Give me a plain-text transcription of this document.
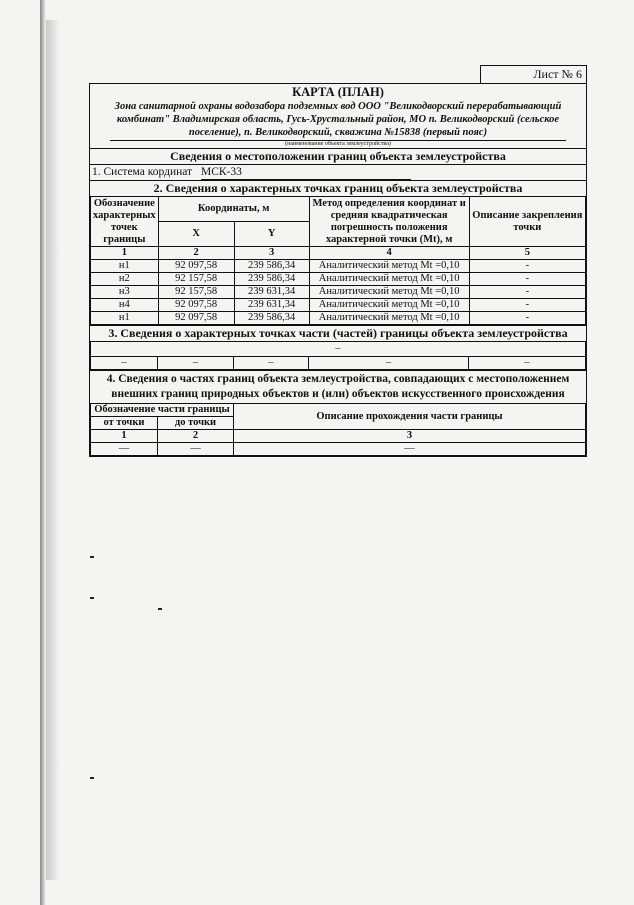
Лист № 6
КАРТА (ПЛАН)
Зона санитарной охраны водозабора подземных вод ООО "Великодворский перерабатывающий комбинат" Владимирская область, Гусь-Хрустальный район, МО п. Великодворский (сельское поселение), п. Великодворский, скважина №15838 (первый пояс)
(наименование объекта землеустройства)
Сведения о местоположении границ объекта землеустройства
1. Система кординат МСК-33
2. Сведения о характерных точках границ объекта землеустройства
Обозначение характерных точек границы	Координаты, м		Метод определения координат и средняя квадратическая погрешность положения характерной точки (Mt), м	Описание закрепления точки
	X	Y		
1	2	3	4	5
н1	92 097,58	239 586,34	Аналитический метод Mt =0,10	-
н2	92 157,58	239 586,34	Аналитический метод Mt =0,10	-
н3	92 157,58	239 631,34	Аналитический метод Mt =0,10	-
н4	92 097,58	239 631,34	Аналитический метод Mt =0,10	-
н1	92 097,58	239 586,34	Аналитический метод Mt =0,10	-
3. Сведения о характерных точках части (частей) границы объекта землеустройства
–
–	–	–	–	–
4. Сведения о частях границ объекта землеустройства, совпадающих с местоположением внешних границ природных объектов и (или) объектов искусственного происхождения
Обозначение части границы		Описание прохождения части границы
от точки	до точки	
1	2	3
—	—	—
